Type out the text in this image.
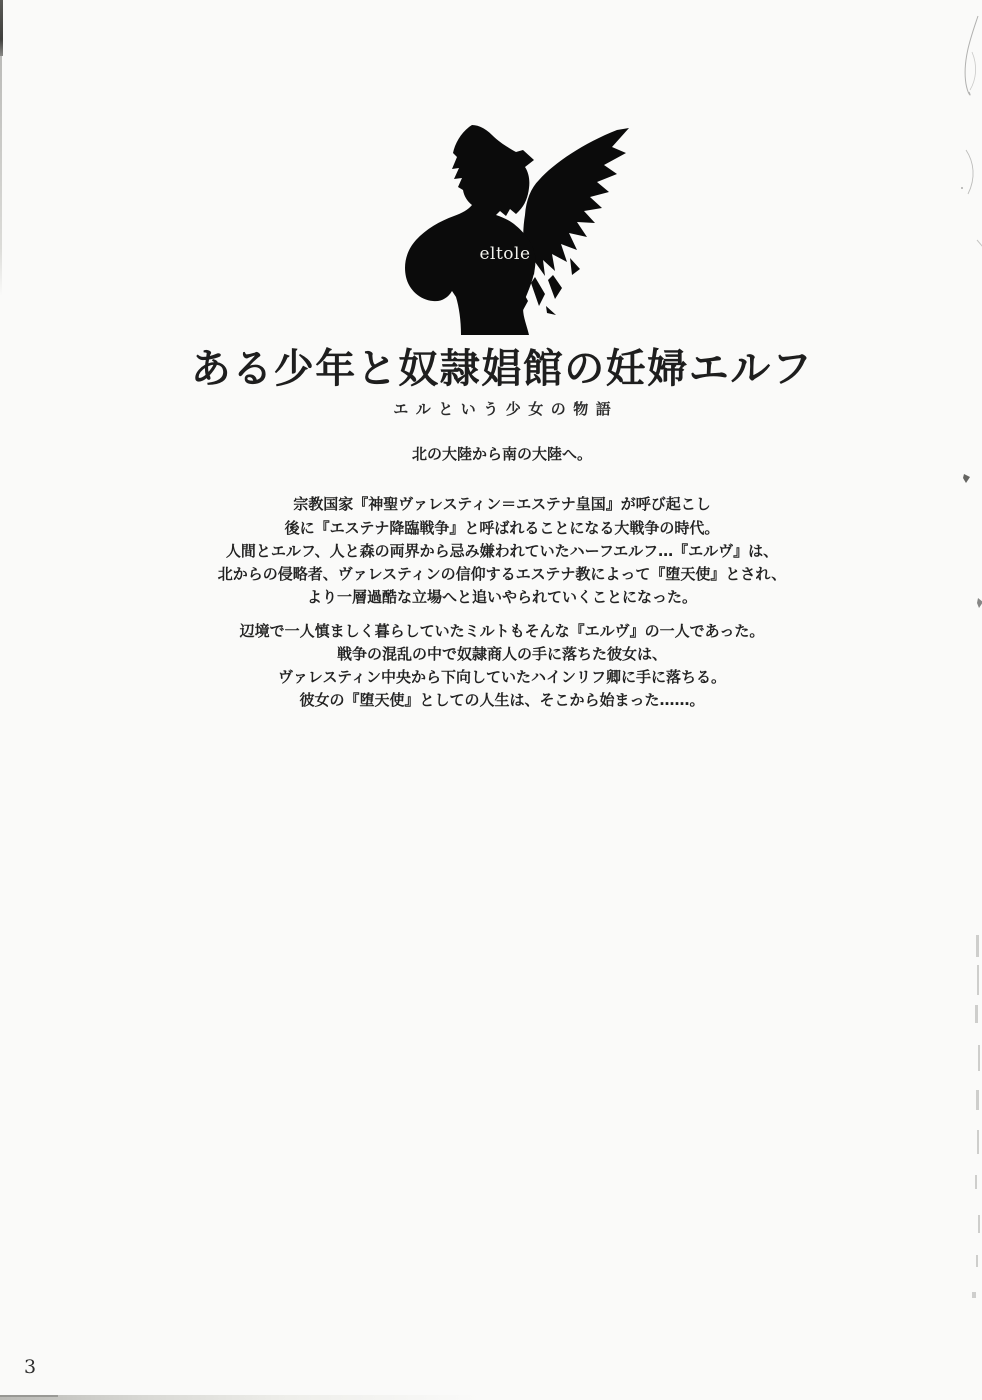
eltole
ある少年と奴隷娼館の妊婦エルフ
エルという少女の物語
北の大陸から南の大陸へ。
宗教国家『神聖ヴァレスティン＝エステナ皇国』が呼び起こし
後に『エステナ降臨戦争』と呼ばれることになる大戦争の時代。
人間とエルフ、人と森の両界から忌み嫌われていたハーフエルフ…『エルヴ』は、
北からの侵略者、ヴァレスティンの信仰するエステナ教によって『堕天使』とされ、
より一層過酷な立場へと追いやられていくことになった。
辺境で一人慎ましく暮らしていたミルトもそんな『エルヴ』の一人であった。
戦争の混乱の中で奴隷商人の手に落ちた彼女は、
ヴァレスティン中央から下向していたハインリフ卿に手に落ちる。
彼女の『堕天使』としての人生は、そこから始まった……。
3
